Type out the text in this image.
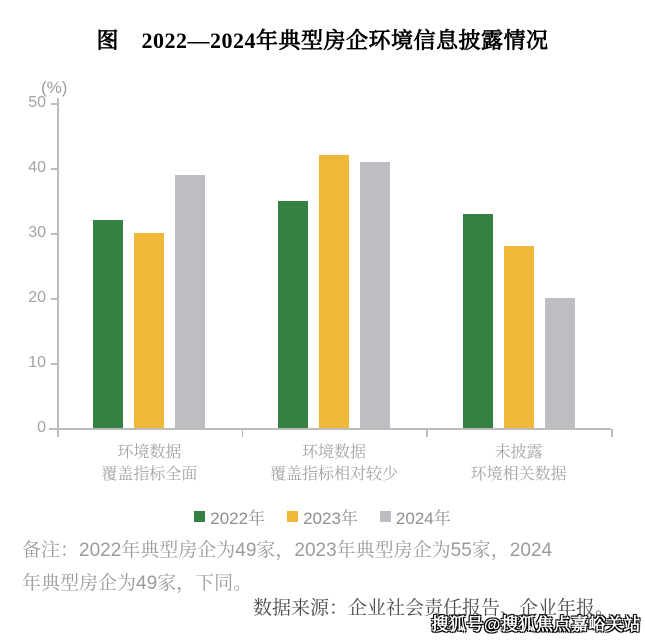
图　2022—2024年典型房企环境信息披露情况
(%)
0
10
20
30
40
50
环境数据
覆盖指标全面
环境数据
覆盖指标相对较少
未披露
环境相关数据
2022年 2023年 2024年
备注：2022年典型房企为49家，2023年典型房企为55家，2024
年典型房企为49家，下同。
数据来源：企业社会责任报告、企业年报。
搜狐号@搜狐焦点嘉峪关站
